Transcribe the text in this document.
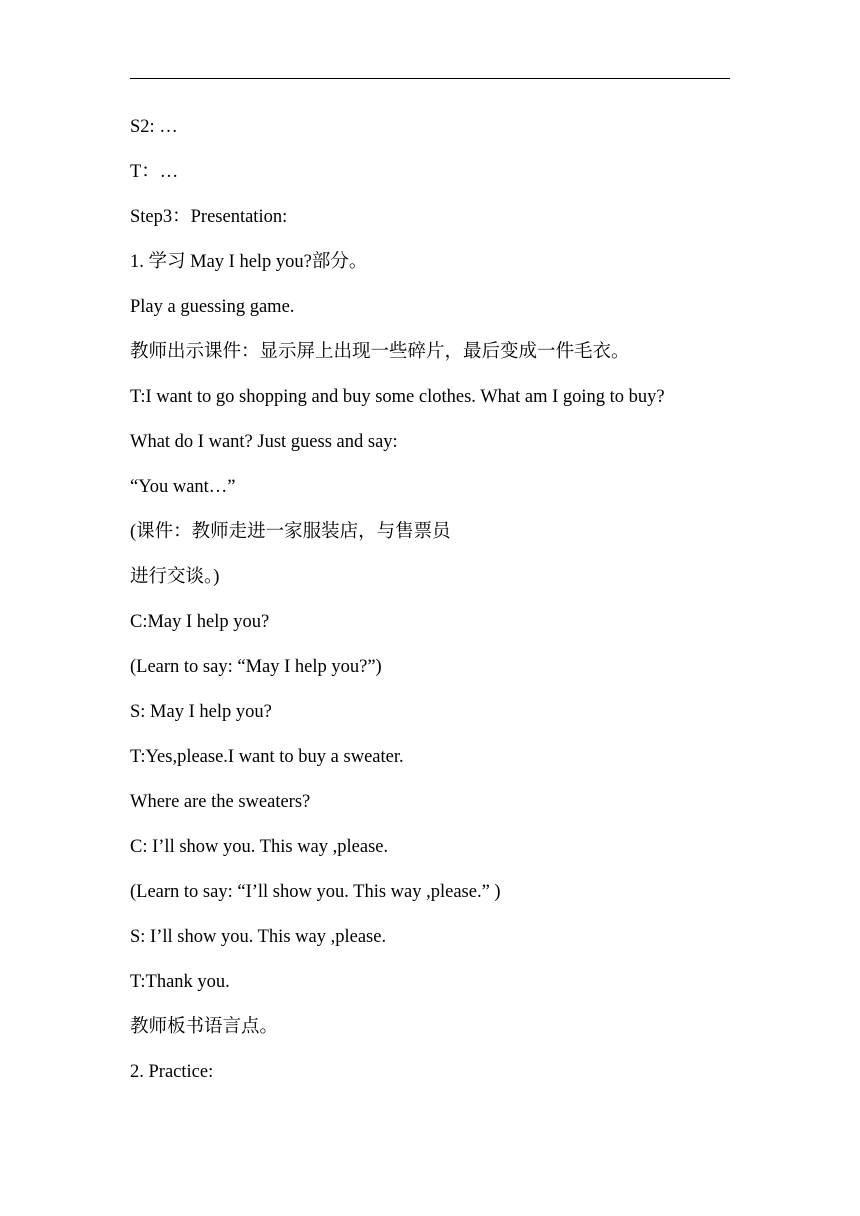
S2: …
T：…
Step3：Presentation:
1. 学习 May I help you?部分。
Play a guessing game.
教师出示课件：显示屏上出现一些碎片，最后变成一件毛衣。
T:I want to go shopping and buy some clothes. What am I going to buy?
What do I want? Just guess and say:
“You want…”
(课件：教师走进一家服装店，与售票员
进行交谈。)
C:May I help you?
(Learn to say: “May I help you?”)
S: May I help you?
T:Yes,please.I want to buy a sweater.
Where are the sweaters?
C: I’ll show you. This way ,please.
(Learn to say: “I’ll show you. This way ,please.” )
S: I’ll show you. This way ,please.
T:Thank you.
教师板书语言点。
2. Practice:
